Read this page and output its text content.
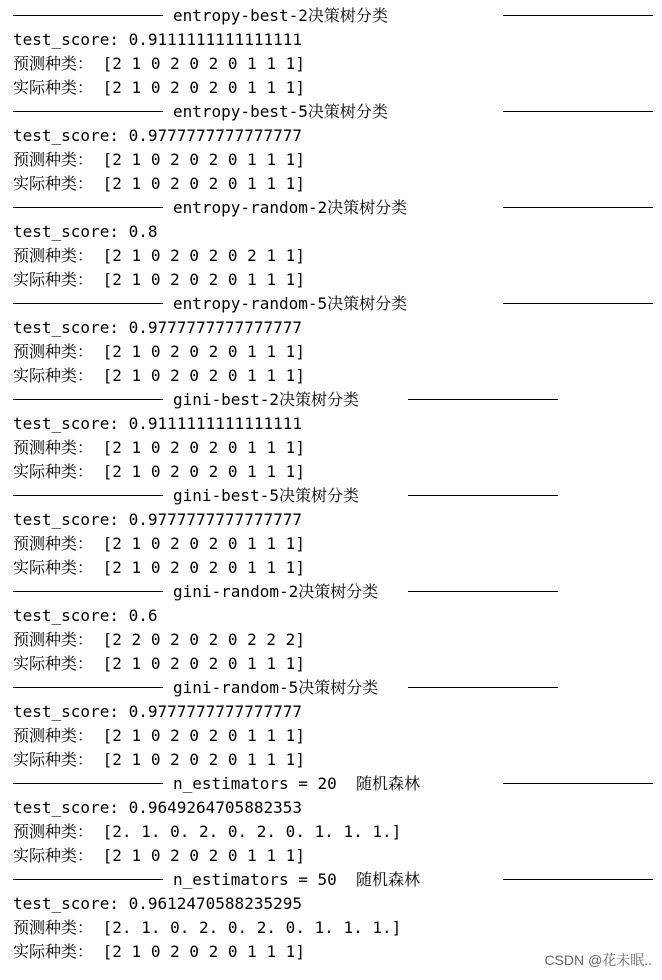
entropy-best-2决策树分类
test_score: 0.9111111111111111
预测种类： [2 1 0 2 0 2 0 1 1 1]
实际种类： [2 1 0 2 0 2 0 1 1 1]
entropy-best-5决策树分类
test_score: 0.9777777777777777
预测种类： [2 1 0 2 0 2 0 1 1 1]
实际种类： [2 1 0 2 0 2 0 1 1 1]
entropy-random-2决策树分类
test_score: 0.8
预测种类： [2 1 0 2 0 2 0 2 1 1]
实际种类： [2 1 0 2 0 2 0 1 1 1]
entropy-random-5决策树分类
test_score: 0.9777777777777777
预测种类： [2 1 0 2 0 2 0 1 1 1]
实际种类： [2 1 0 2 0 2 0 1 1 1]
gini-best-2决策树分类
test_score: 0.9111111111111111
预测种类： [2 1 0 2 0 2 0 1 1 1]
实际种类： [2 1 0 2 0 2 0 1 1 1]
gini-best-5决策树分类
test_score: 0.9777777777777777
预测种类： [2 1 0 2 0 2 0 1 1 1]
实际种类： [2 1 0 2 0 2 0 1 1 1]
gini-random-2决策树分类
test_score: 0.6
预测种类： [2 2 0 2 0 2 0 2 2 2]
实际种类： [2 1 0 2 0 2 0 1 1 1]
gini-random-5决策树分类
test_score: 0.9777777777777777
预测种类： [2 1 0 2 0 2 0 1 1 1]
实际种类： [2 1 0 2 0 2 0 1 1 1]
n_estimators = 20  随机森林
test_score: 0.9649264705882353
预测种类： [2. 1. 0. 2. 0. 2. 0. 1. 1. 1.]
实际种类： [2 1 0 2 0 2 0 1 1 1]
n_estimators = 50  随机森林
test_score: 0.9612470588235295
预测种类： [2. 1. 0. 2. 0. 2. 0. 1. 1. 1.]
实际种类： [2 1 0 2 0 2 0 1 1 1]	CSDN @花未眠..
